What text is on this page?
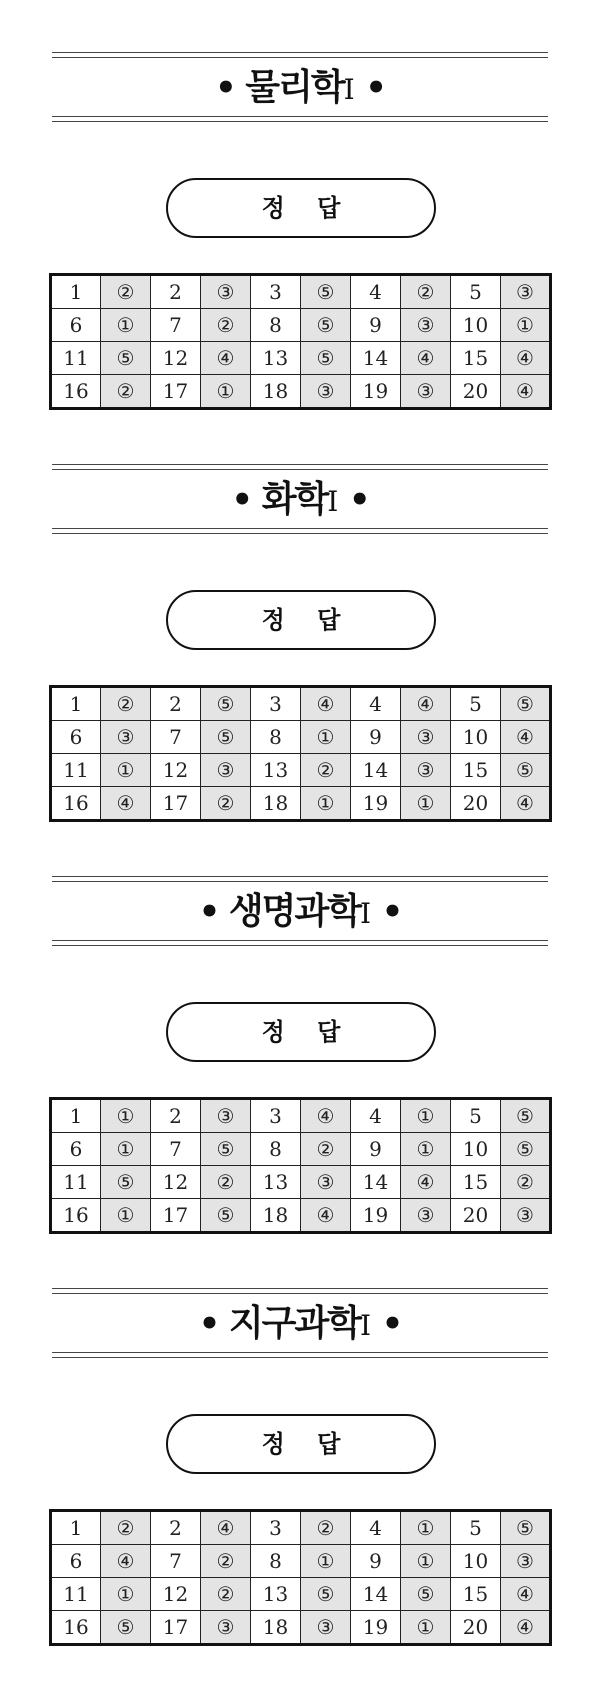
• 물리학Ⅰ •
정 답
1	②	2	③	3	⑤	4	②	5	③
6	①	7	②	8	⑤	9	③	10	①
11	⑤	12	④	13	⑤	14	④	15	④
16	②	17	①	18	③	19	③	20	④
• 화학Ⅰ •
정 답
1	②	2	⑤	3	④	4	④	5	⑤
6	③	7	⑤	8	①	9	③	10	④
11	①	12	③	13	②	14	③	15	⑤
16	④	17	②	18	①	19	①	20	④
• 생명과학Ⅰ •
정 답
1	①	2	③	3	④	4	①	5	⑤
6	①	7	⑤	8	②	9	①	10	⑤
11	⑤	12	②	13	③	14	④	15	②
16	①	17	⑤	18	④	19	③	20	③
• 지구과학Ⅰ •
정 답
1	②	2	④	3	②	4	①	5	⑤
6	④	7	②	8	①	9	①	10	③
11	①	12	②	13	⑤	14	⑤	15	④
16	⑤	17	③	18	③	19	①	20	④
